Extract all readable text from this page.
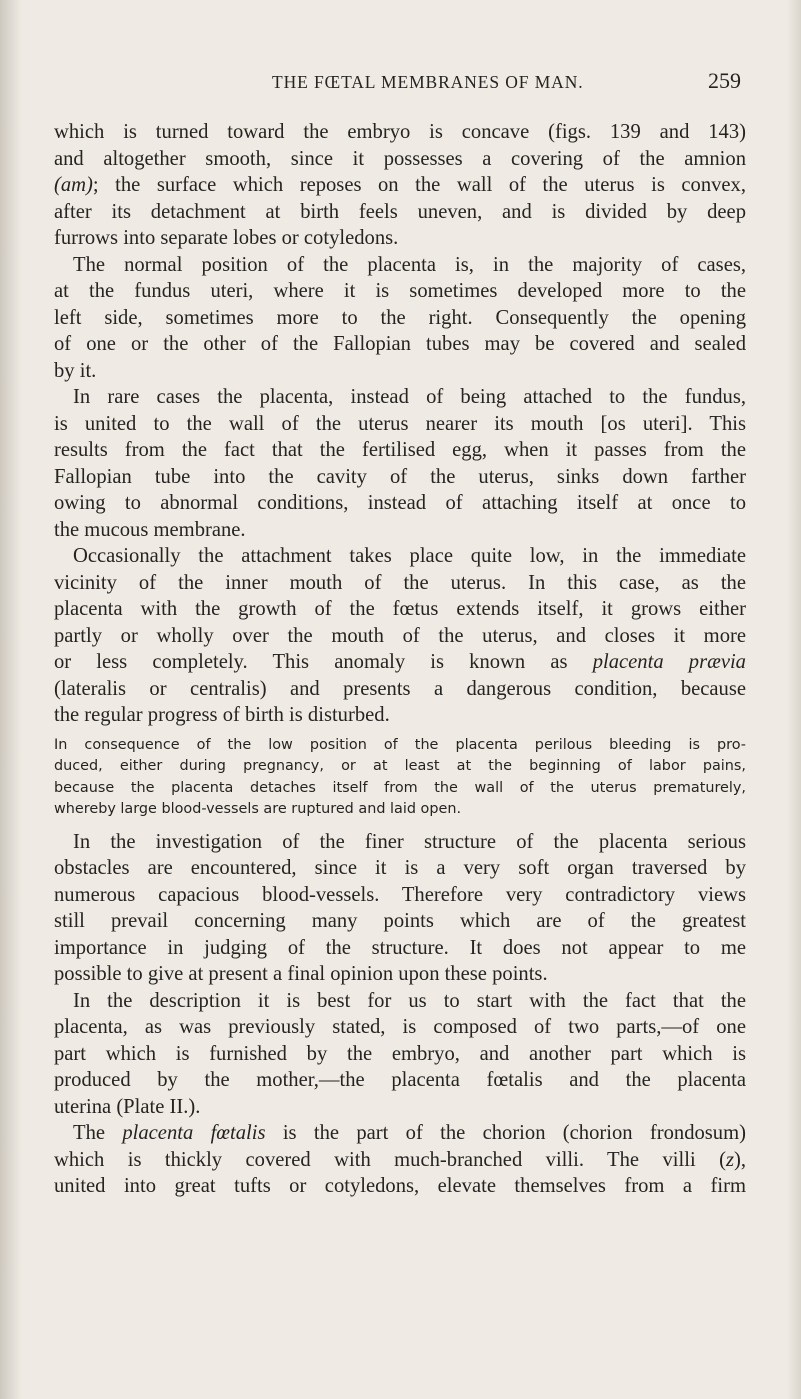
THE FŒTAL MEMBRANES OF MAN.	259
which is turned toward the embryo is concave (figs. 139 and 143)
and altogether smooth, since it possesses a covering of the amnion
(am); the surface which reposes on the wall of the uterus is convex,
after its detachment at birth feels uneven, and is divided by deep
furrows into separate lobes or cotyledons.
The normal position of the placenta is, in the majority of cases,
at the fundus uteri, where it is sometimes developed more to the
left side, sometimes more to the right. Consequently the opening
of one or the other of the Fallopian tubes may be covered and sealed
by it.
In rare cases the placenta, instead of being attached to the fundus,
is united to the wall of the uterus nearer its mouth [os uteri]. This
results from the fact that the fertilised egg, when it passes from the
Fallopian tube into the cavity of the uterus, sinks down farther
owing to abnormal conditions, instead of attaching itself at once to
the mucous membrane.
Occasionally the attachment takes place quite low, in the immediate
vicinity of the inner mouth of the uterus. In this case, as the
placenta with the growth of the fœtus extends itself, it grows either
partly or wholly over the mouth of the uterus, and closes it more
or less completely. This anomaly is known as placenta prævia
(lateralis or centralis) and presents a dangerous condition, because
the regular progress of birth is disturbed.
In consequence of the low position of the placenta perilous bleeding is pro-
duced, either during pregnancy, or at least at the beginning of labor pains,
because the placenta detaches itself from the wall of the uterus prematurely,
whereby large blood-vessels are ruptured and laid open.
In the investigation of the finer structure of the placenta serious
obstacles are encountered, since it is a very soft organ traversed by
numerous capacious blood-vessels. Therefore very contradictory views
still prevail concerning many points which are of the greatest
importance in judging of the structure. It does not appear to me
possible to give at present a final opinion upon these points.
In the description it is best for us to start with the fact that the
placenta, as was previously stated, is composed of two parts,—of one
part which is furnished by the embryo, and another part which is
produced by the mother,—the placenta fœtalis and the placenta
uterina (Plate II.).
The placenta fœtalis is the part of the chorion (chorion frondosum)
which is thickly covered with much-branched villi. The villi (z),
united into great tufts or cotyledons, elevate themselves from a firm
